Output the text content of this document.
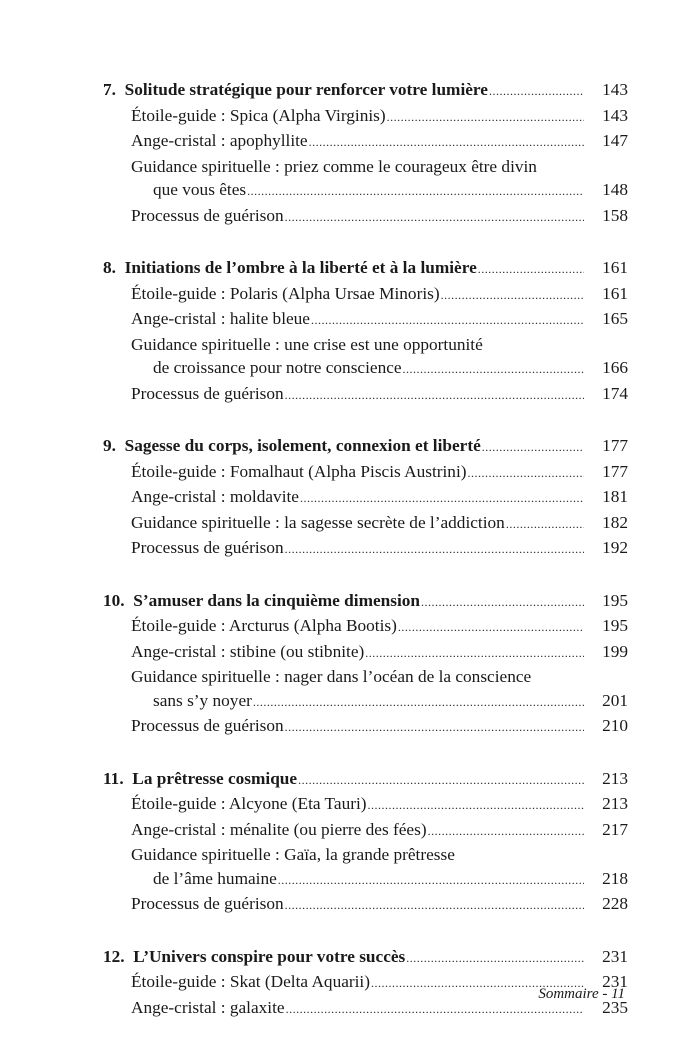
7. Solitude stratégique pour renforcer votre lumière .....	143
Étoile-guide : Spica (Alpha Virginis) .....	143
Ange-cristal : apophyllite .....	147
Guidance spirituelle : priez comme le courageux être divin
que vous êtes .....	148
Processus de guérison .....	158
8. Initiations de l’ombre à la liberté et à la lumière .....	161
Étoile-guide : Polaris (Alpha Ursae Minoris) .....	161
Ange-cristal : halite bleue .....	165
Guidance spirituelle : une crise est une opportunité
de croissance pour notre conscience .....	166
Processus de guérison .....	174
9. Sagesse du corps, isolement, connexion et liberté .....	177
Étoile-guide : Fomalhaut (Alpha Piscis Austrini) .....	177
Ange-cristal : moldavite .....	181
Guidance spirituelle : la sagesse secrète de l’addiction .....	182
Processus de guérison .....	192
10. S’amuser dans la cinquième dimension .....	195
Étoile-guide : Arcturus (Alpha Bootis) .....	195
Ange-cristal : stibine (ou stibnite) .....	199
Guidance spirituelle : nager dans l’océan de la conscience
sans s’y noyer .....	201
Processus de guérison .....	210
11. La prêtresse cosmique .....	213
Étoile-guide : Alcyone (Eta Tauri) .....	213
Ange-cristal : ménalite (ou pierre des fées) .....	217
Guidance spirituelle : Gaïa, la grande prêtresse
de l’âme humaine .....	218
Processus de guérison .....	228
12. L’Univers conspire pour votre succès .....	231
Étoile-guide : Skat (Delta Aquarii) .....	231
Ange-cristal : galaxite .....	235
Sommaire - 11
